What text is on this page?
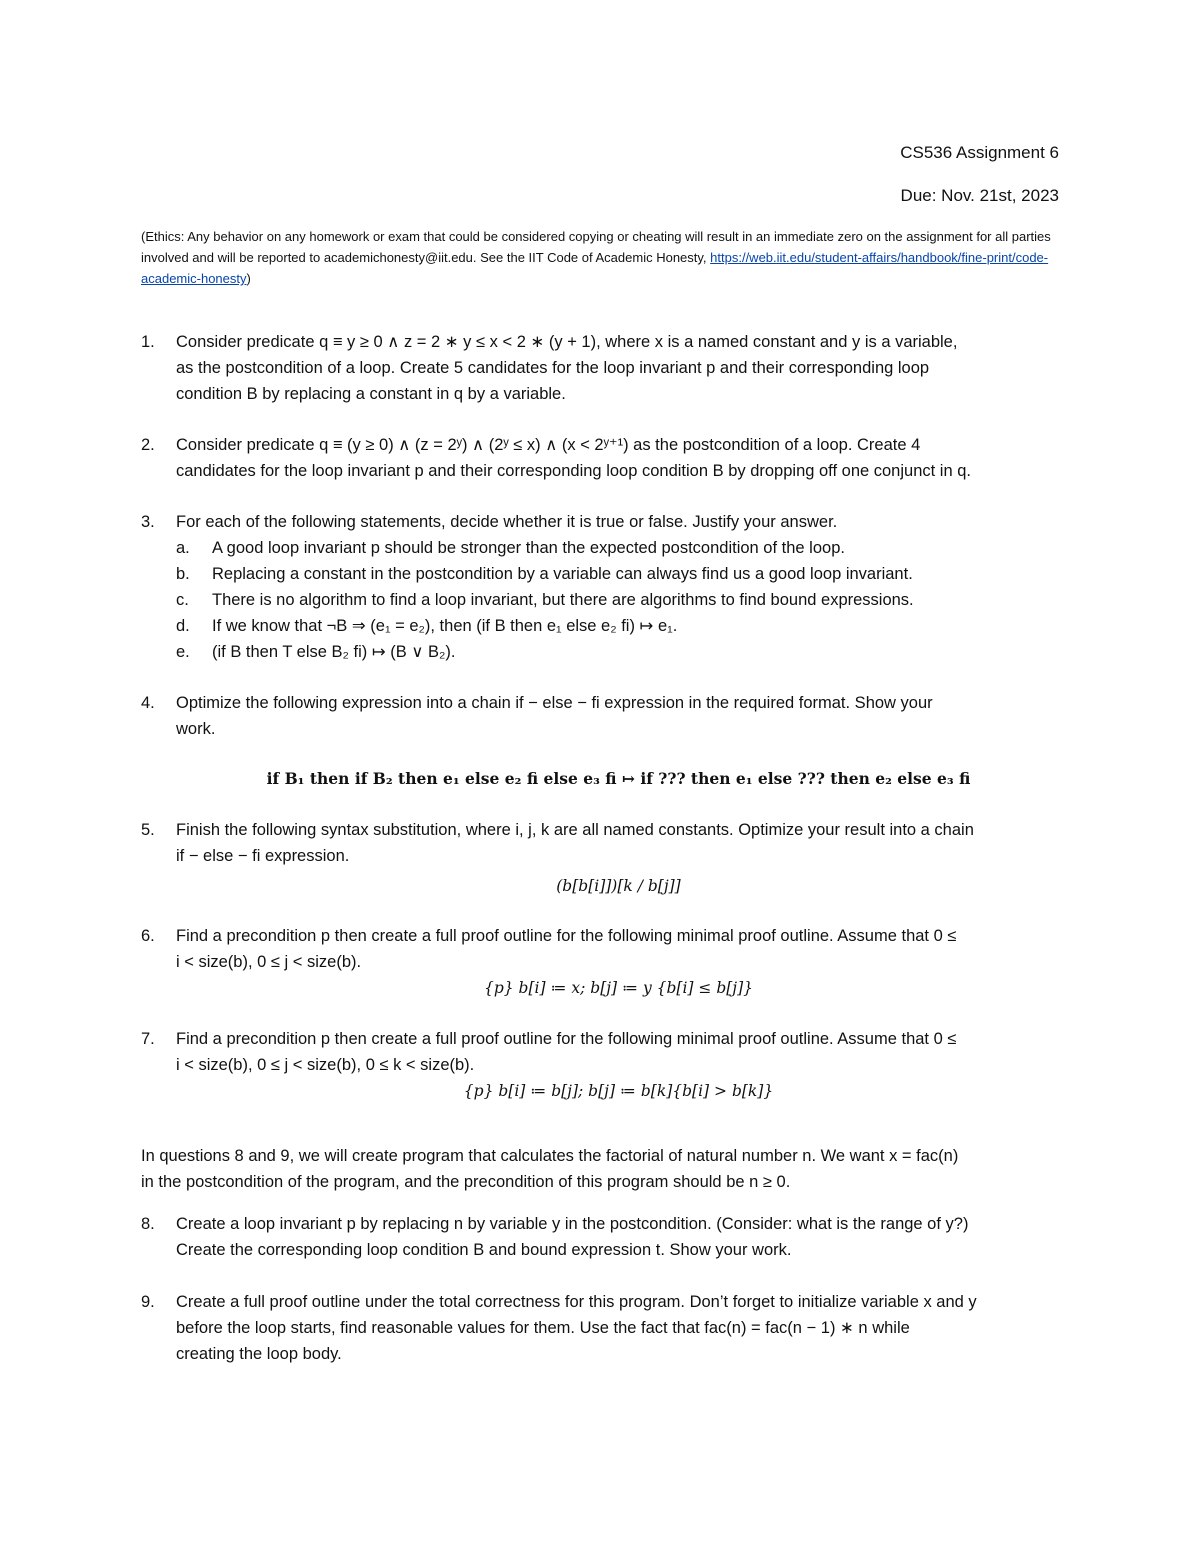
CS536 Assignment 6
Due: Nov. 21st, 2023
(Ethics: Any behavior on any homework or exam that could be considered copying or cheating will result in an immediate zero on the assignment for all parties involved and will be reported to academichonesty@iit.edu. See the IIT Code of Academic Honesty, https://web.iit.edu/student-affairs/handbook/fine-print/code-academic-honesty)
1. Consider predicate q ≡ y ≥ 0 ∧ z = 2 ∗ y ≤ x < 2 ∗ (y + 1), where x is a named constant and y is a variable,
as the postcondition of a loop. Create 5 candidates for the loop invariant p and their corresponding loop
condition B by replacing a constant in q by a variable.
2. Consider predicate q ≡ (y ≥ 0) ∧ (z = 2ʸ) ∧ (2ʸ ≤ x) ∧ (x < 2ʸ⁺¹) as the postcondition of a loop. Create 4
candidates for the loop invariant p and their corresponding loop condition B by dropping off one conjunct in q.
3. For each of the following statements, decide whether it is true or false. Justify your answer.
a. A good loop invariant p should be stronger than the expected postcondition of the loop.
b. Replacing a constant in the postcondition by a variable can always find us a good loop invariant.
c. There is no algorithm to find a loop invariant, but there are algorithms to find bound expressions.
d. If we know that ¬B ⇒ (e₁ = e₂), then (if B then e₁ else e₂ fi) ↦ e₁.
e. (if B then T else B₂ fi) ↦ (B ∨ B₂).
4. Optimize the following expression into a chain if − else − fi expression in the required format. Show your
work.
if B₁ then if B₂ then e₁ else e₂ fi else e₃ fi ↦ if ??? then e₁ else ??? then e₂ else e₃ fi
5. Finish the following syntax substitution, where i, j, k are all named constants. Optimize your result into a chain
if − else − fi expression.
(b[b[i]])[k / b[j]]
6. Find a precondition p then create a full proof outline for the following minimal proof outline. Assume that 0 ≤
i < size(b), 0 ≤ j < size(b).
{p} b[i] ≔ x; b[j] ≔ y {b[i] ≤ b[j]}
7. Find a precondition p then create a full proof outline for the following minimal proof outline. Assume that 0 ≤
i < size(b), 0 ≤ j < size(b), 0 ≤ k < size(b).
{p} b[i] ≔ b[j]; b[j] ≔ b[k]{b[i] > b[k]}
In questions 8 and 9, we will create program that calculates the factorial of natural number n. We want x = fac(n)
in the postcondition of the program, and the precondition of this program should be n ≥ 0.
8. Create a loop invariant p by replacing n by variable y in the postcondition. (Consider: what is the range of y?)
Create the corresponding loop condition B and bound expression t. Show your work.
9. Create a full proof outline under the total correctness for this program. Don’t forget to initialize variable x and y
before the loop starts, find reasonable values for them. Use the fact that fac(n) = fac(n − 1) ∗ n while
creating the loop body.
